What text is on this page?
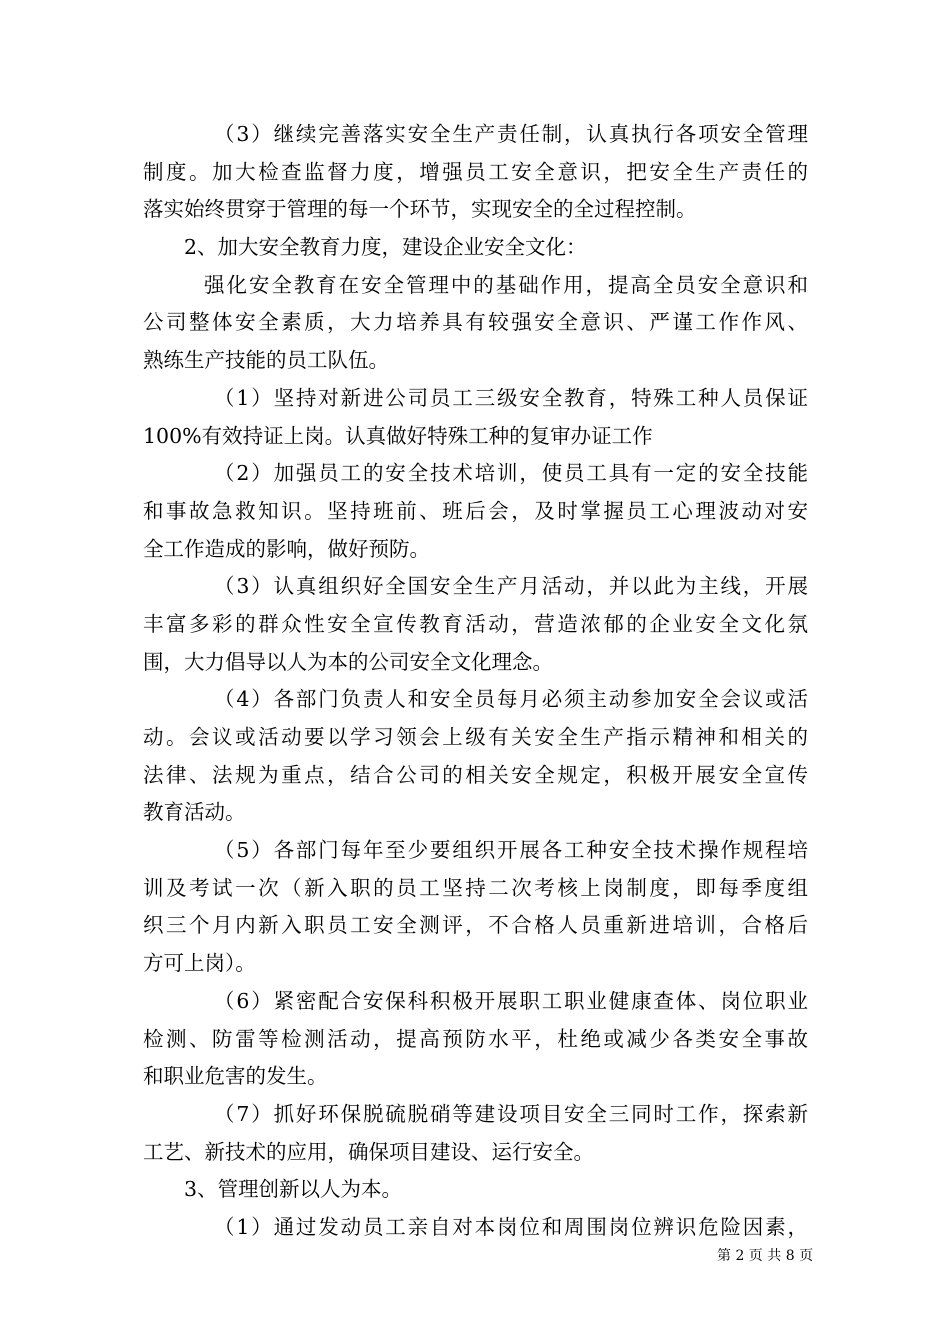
（3）继续完善落实安全生产责任制，认真执行各项安全管理
制度。加大检查监督力度，增强员工安全意识，把安全生产责任的
落实始终贯穿于管理的每一个环节，实现安全的全过程控制。
2、加大安全教育力度，建设企业安全文化：
强化安全教育在安全管理中的基础作用，提高全员安全意识和
公司整体安全素质，大力培养具有较强安全意识、严谨工作作风、
熟练生产技能的员工队伍。
（1）坚持对新进公司员工三级安全教育，特殊工种人员保证
100%有效持证上岗。认真做好特殊工种的复审办证工作
（2）加强员工的安全技术培训，使员工具有一定的安全技能
和事故急救知识。坚持班前、班后会，及时掌握员工心理波动对安
全工作造成的影响，做好预防。
（3）认真组织好全国安全生产月活动，并以此为主线，开展
丰富多彩的群众性安全宣传教育活动，营造浓郁的企业安全文化氛
围，大力倡导以人为本的公司安全文化理念。
（4）各部门负责人和安全员每月必须主动参加安全会议或活
动。会议或活动要以学习领会上级有关安全生产指示精神和相关的
法律、法规为重点，结合公司的相关安全规定，积极开展安全宣传
教育活动。
（5）各部门每年至少要组织开展各工种安全技术操作规程培
训及考试一次（新入职的员工坚持二次考核上岗制度，即每季度组
织三个月内新入职员工安全测评，不合格人员重新进培训，合格后
方可上岗）。
（6）紧密配合安保科积极开展职工职业健康查体、岗位职业
检测、防雷等检测活动，提高预防水平，杜绝或减少各类安全事故
和职业危害的发生。
（7）抓好环保脱硫脱硝等建设项目安全三同时工作，探索新
工艺、新技术的应用，确保项目建设、运行安全。
3、管理创新以人为本。
（1）通过发动员工亲自对本岗位和周围岗位辨识危险因素，
第 2 页 共 8 页
